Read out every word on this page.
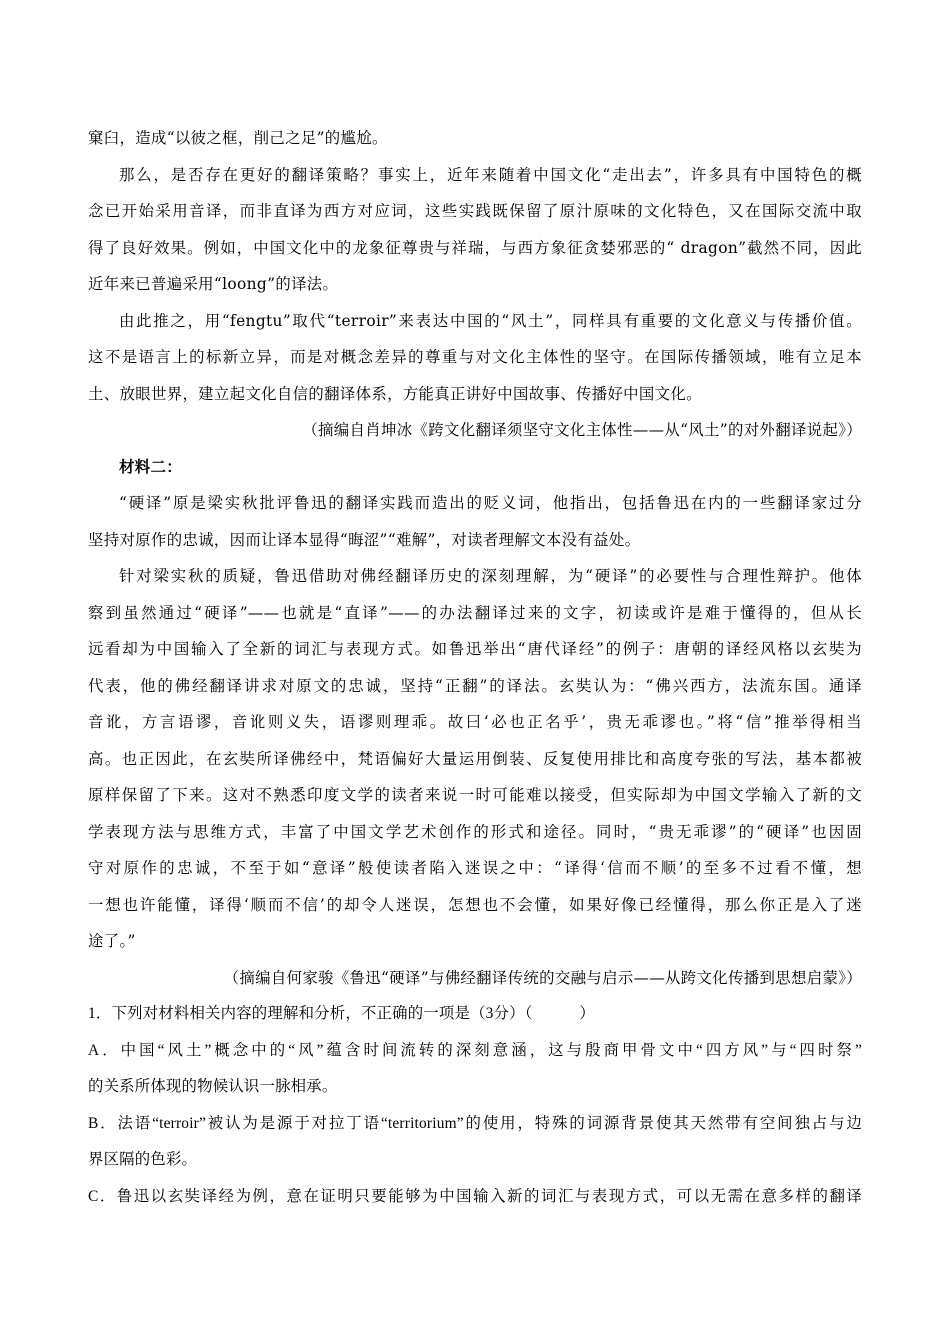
窠臼，造成“以彼之框，削己之足”的尴尬。
那么，是否存在更好的翻译策略？事实上，近年来随着中国文化“走出去”，许多具有中国特色的概
念已开始采用音译，而非直译为西方对应词，这些实践既保留了原汁原味的文化特色，又在国际交流中取
得了良好效果。例如，中国文化中的龙象征尊贵与祥瑞，与西方象征贪婪邪恶的“ dragon”截然不同，因此
近年来已普遍采用“loong”的译法。
由此推之，用“fengtu”取代“terroir”来表达中国的“风土”，同样具有重要的文化意义与传播价值。
这不是语言上的标新立异，而是对概念差异的尊重与对文化主体性的坚守。在国际传播领域，唯有立足本
土、放眼世界，建立起文化自信的翻译体系，方能真正讲好中国故事、传播好中国文化。
（摘编自肖坤冰《跨文化翻译须坚守文化主体性——从“风土”的对外翻译说起》）
材料二：
“硬译”原是梁实秋批评鲁迅的翻译实践而造出的贬义词，他指出，包括鲁迅在内的一些翻译家过分
坚持对原作的忠诚，因而让译本显得“晦涩”“难解”，对读者理解文本没有益处。
针对梁实秋的质疑，鲁迅借助对佛经翻译历史的深刻理解，为“硬译”的必要性与合理性辩护。他体
察到虽然通过“硬译”——也就是“直译”——的办法翻译过来的文字，初读或许是难于懂得的，但从长
远看却为中国输入了全新的词汇与表现方式。如鲁迅举出“唐代译经”的例子：唐朝的译经风格以玄奘为
代表，他的佛经翻译讲求对原文的忠诚，坚持“正翻”的译法。玄奘认为：“佛兴西方，法流东国。通译
音讹，方言语谬，音讹则义失，语谬则理乖。故曰‘必也正名乎’，贵无乖谬也。”将“信”推举得相当
高。也正因此，在玄奘所译佛经中，梵语偏好大量运用倒装、反复使用排比和高度夸张的写法，基本都被
原样保留了下来。这对不熟悉印度文学的读者来说一时可能难以接受，但实际却为中国文学输入了新的文
学表现方法与思维方式，丰富了中国文学艺术创作的形式和途径。同时，“贵无乖谬”的“硬译”也因固
守对原作的忠诚，不至于如“意译”般使读者陷入迷误之中：“译得‘信而不顺’的至多不过看不懂，想
一想也许能懂，译得‘顺而不信’的却令人迷误，怎想也不会懂，如果好像已经懂得，那么你正是入了迷
途了。”
（摘编自何家骏《鲁迅“硬译”与佛经翻译传统的交融与启示——从跨文化传播到思想启蒙》）
1．下列对材料相关内容的理解和分析，不正确的一项是（3分）（　　　）
A．中国“风土”概念中的“风”蕴含时间流转的深刻意涵，这与殷商甲骨文中“四方风”与“四时祭”
的关系所体现的物候认识一脉相承。
B．法语“terroir”被认为是源于对拉丁语“territorium”的使用，特殊的词源背景使其天然带有空间独占与边
界区隔的色彩。
C．鲁迅以玄奘译经为例，意在证明只要能够为中国输入新的词汇与表现方式，可以无需在意多样的翻译
